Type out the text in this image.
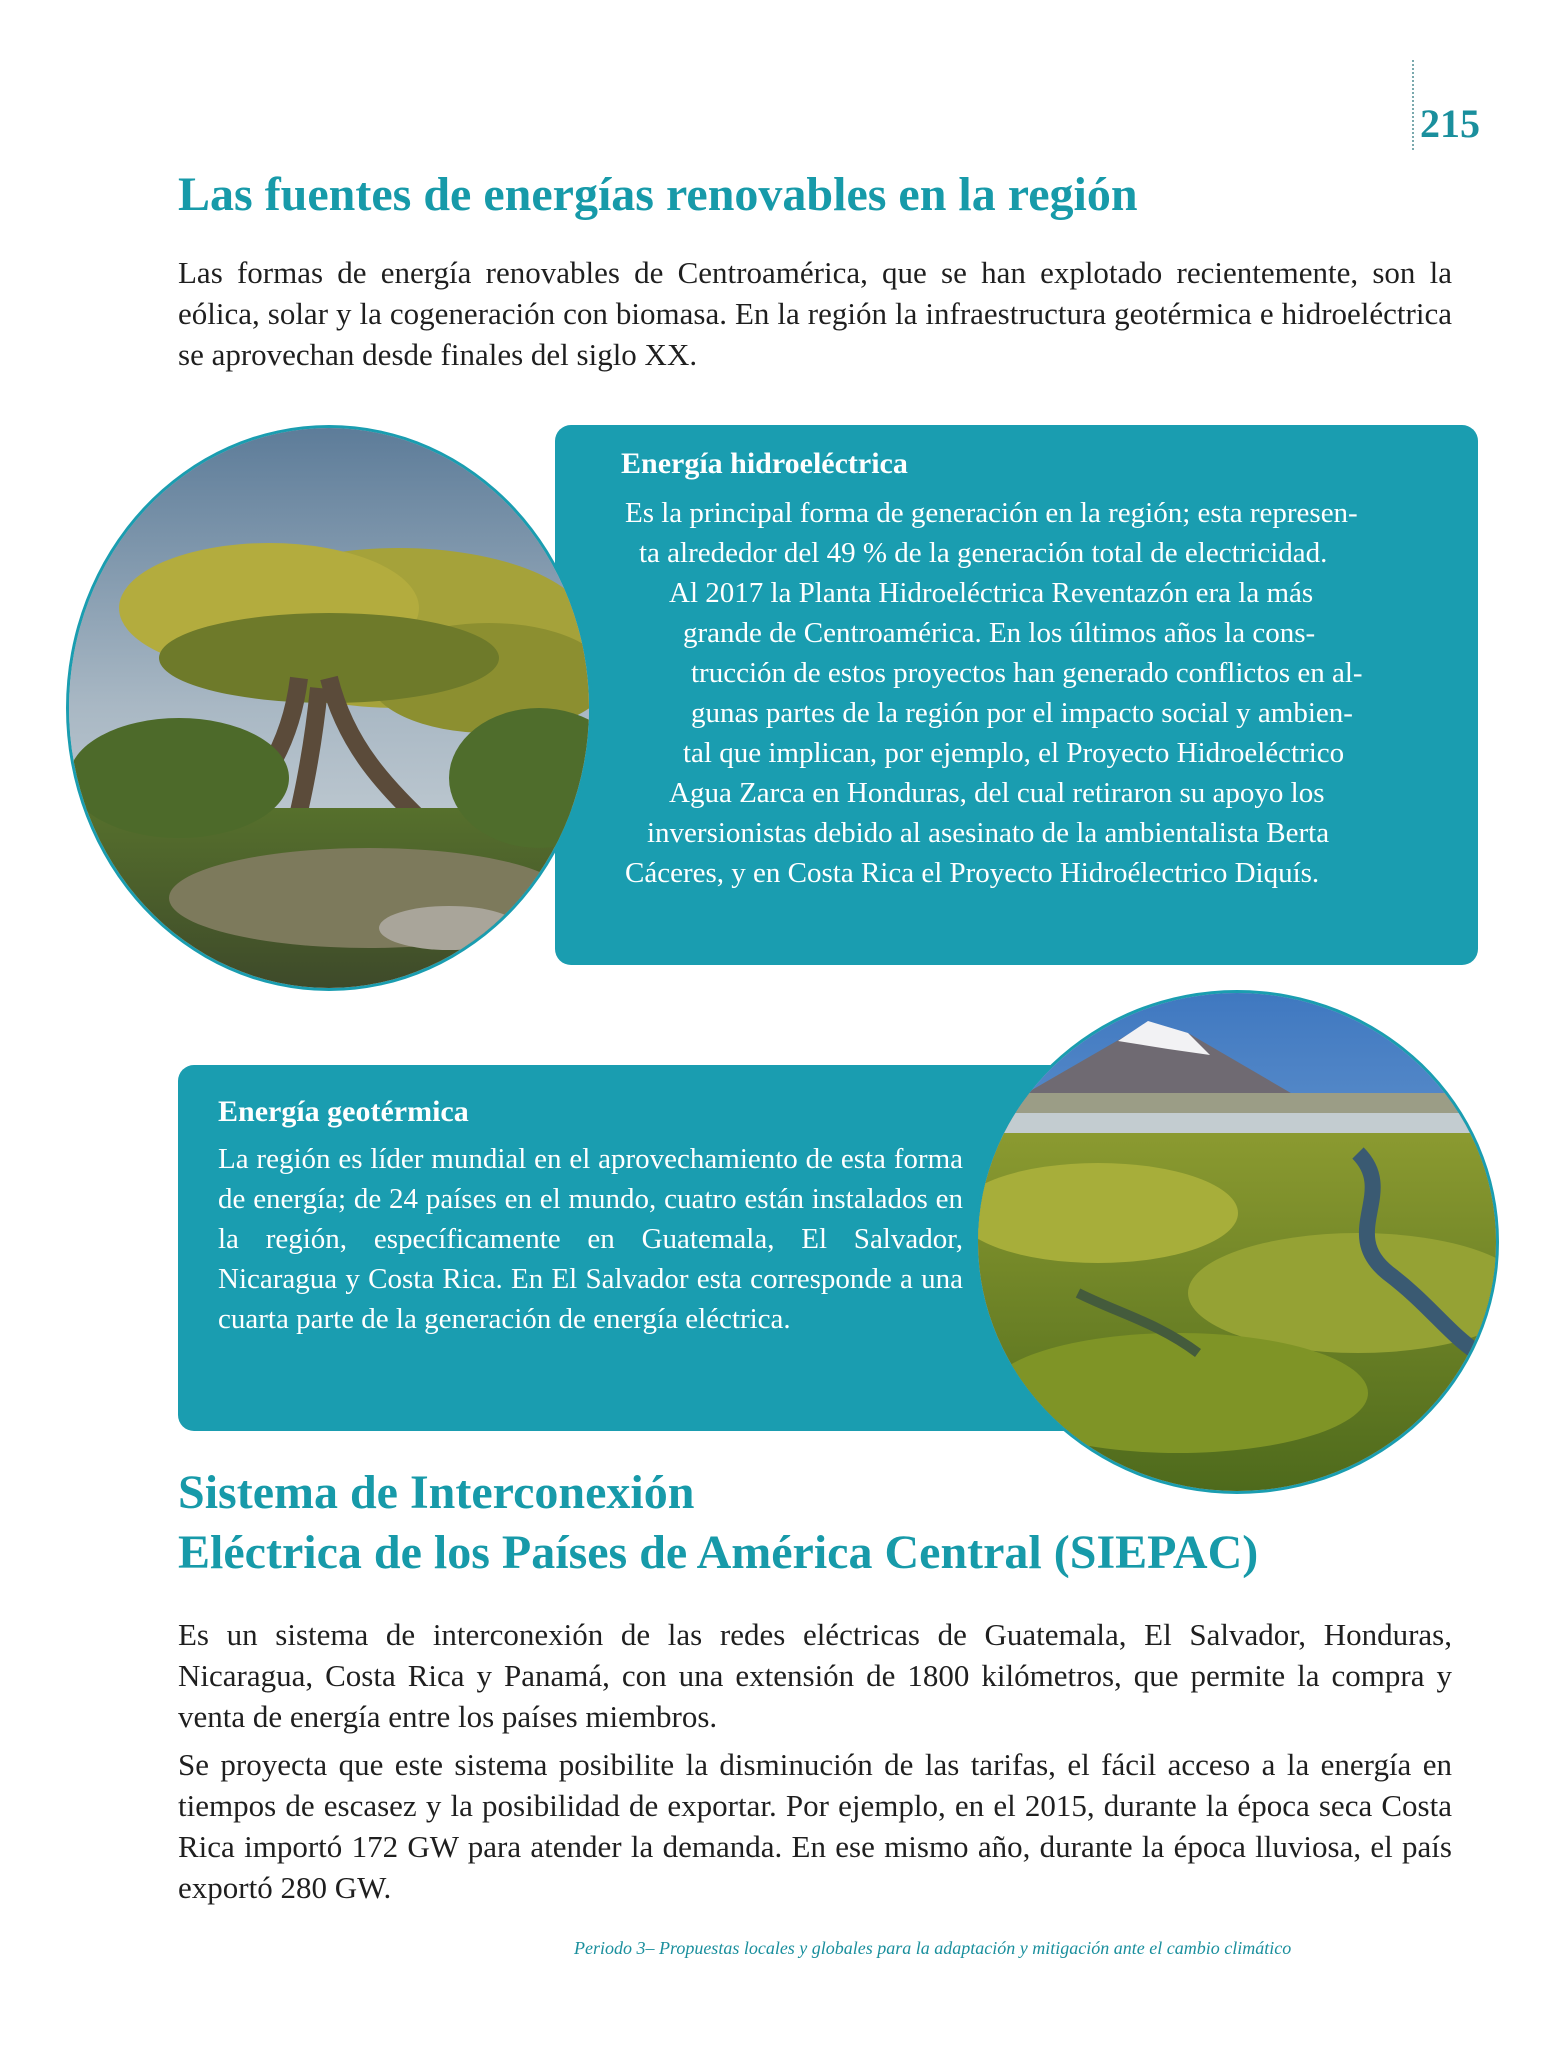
215
Las fuentes de energías renovables en la región

Las formas de energía renovables de Centroamérica, que se han explotado recientemente, son la eólica, solar y la cogeneración con biomasa. En la región la infraestructura geotérmica e hidroeléctrica se aprovechan desde finales del siglo XX.

Energía hidroeléctrica
Es la principal forma de generación en la región; esta represen-
ta alrededor del 49 % de la generación total de electricidad.
Al 2017 la Planta Hidroeléctrica Reventazón era la más
grande de Centroamérica. En los últimos años la cons-
trucción de estos proyectos han generado conflictos en al-
gunas partes de la región por el impacto social y ambien-
tal que implican, por ejemplo, el Proyecto Hidroeléctrico
Agua Zarca en Honduras, del cual retiraron su apoyo los
inversionistas debido al asesinato de la ambientalista Berta
Cáceres, y en Costa Rica el Proyecto Hidroélectrico Diquís.
Energía geotérmica

La región es líder mundial en el aprovechamiento de esta forma de energía; de 24 países en el mundo, cuatro están instalados en la región, específicamente en Guatemala, El Salvador, Nicaragua y Costa Rica. En El Salvador esta corresponde a una cuarta parte de la generación de energía eléctrica.

Sistema de Interconexión
Eléctrica de los Países de América Central (SIEPAC)

Es un sistema de interconexión de las redes eléctricas de Guatemala, El Salvador, Honduras, Nicaragua, Costa Rica y Panamá, con una extensión de 1800 kilómetros, que permite la compra y venta de energía entre los países miembros.

Se proyecta que este sistema posibilite la disminución de las tarifas, el fácil acceso a la energía en tiempos de escasez y la posibilidad de exportar. Por ejemplo, en el 2015, durante la época seca Costa Rica importó 172 GW para atender la demanda. En ese mismo año, durante la época lluviosa, el país exportó 280 GW.

Periodo 3– Propuestas locales y globales para la adaptación y mitigación ante el cambio climático
